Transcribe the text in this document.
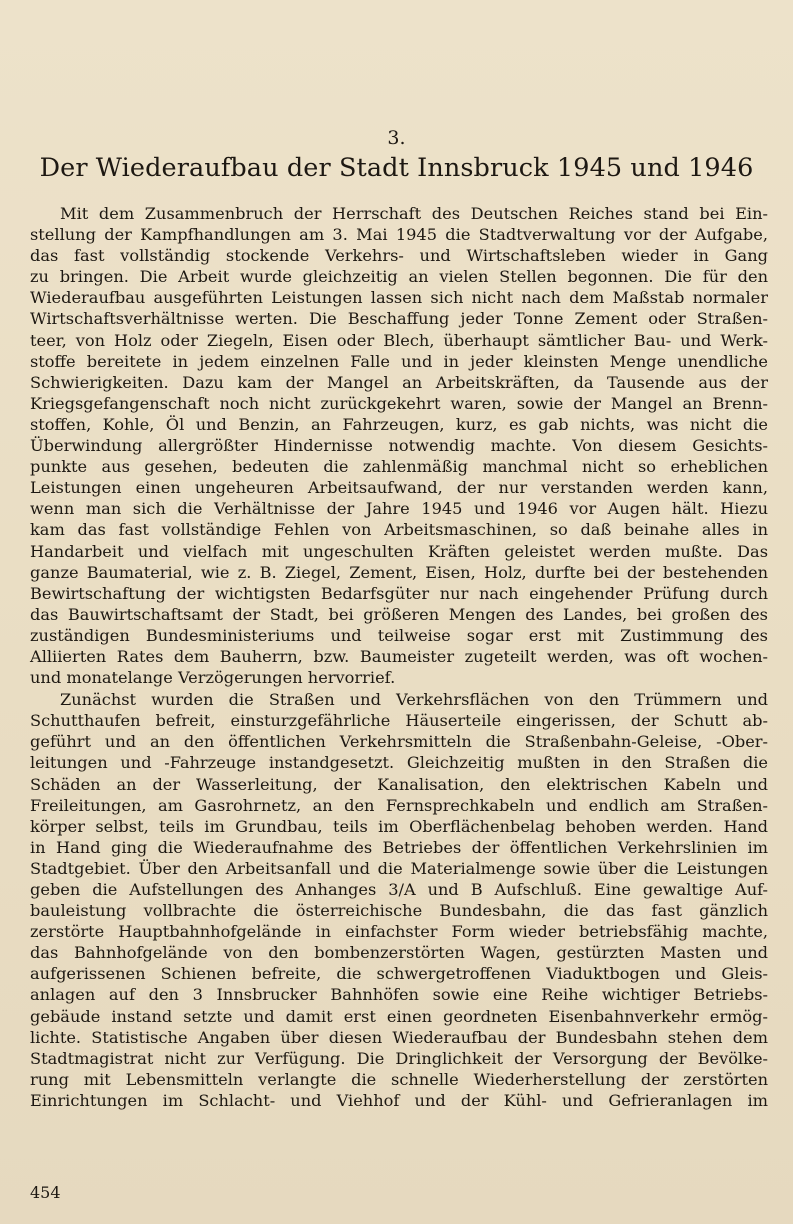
3.
Der Wiederaufbau der Stadt Innsbruck 1945 und 1946
Mit dem Zusammenbruch der Herrschaft des Deutschen Reiches stand bei Ein-
stellung der Kampfhandlungen am 3. Mai 1945 die Stadtverwaltung vor der Aufgabe,
das fast vollständig stockende Verkehrs- und Wirtschaftsleben wieder in Gang
zu bringen. Die Arbeit wurde gleichzeitig an vielen Stellen begonnen. Die für den
Wiederaufbau ausgeführten Leistungen lassen sich nicht nach dem Maßstab normaler
Wirtschaftsverhältnisse werten. Die Beschaffung jeder Tonne Zement oder Straßen-
teer, von Holz oder Ziegeln, Eisen oder Blech, überhaupt sämtlicher Bau- und Werk-
stoffe bereitete in jedem einzelnen Falle und in jeder kleinsten Menge unendliche
Schwierigkeiten. Dazu kam der Mangel an Arbeitskräften, da Tausende aus der
Kriegsgefangenschaft noch nicht zurückgekehrt waren, sowie der Mangel an Brenn-
stoffen, Kohle, Öl und Benzin, an Fahrzeugen, kurz, es gab nichts, was nicht die
Überwindung allergrößter Hindernisse notwendig machte. Von diesem Gesichts-
punkte aus gesehen, bedeuten die zahlenmäßig manchmal nicht so erheblichen
Leistungen einen ungeheuren Arbeitsaufwand, der nur verstanden werden kann,
wenn man sich die Verhältnisse der Jahre 1945 und 1946 vor Augen hält. Hiezu
kam das fast vollständige Fehlen von Arbeitsmaschinen, so daß beinahe alles in
Handarbeit und vielfach mit ungeschulten Kräften geleistet werden mußte. Das
ganze Baumaterial, wie z. B. Ziegel, Zement, Eisen, Holz, durfte bei der bestehenden
Bewirtschaftung der wichtigsten Bedarfsgüter nur nach eingehender Prüfung durch
das Bauwirtschaftsamt der Stadt, bei größeren Mengen des Landes, bei großen des
zuständigen Bundesministeriums und teilweise sogar erst mit Zustimmung des
Alliierten Rates dem Bauherrn, bzw. Baumeister zugeteilt werden, was oft wochen-
und monatelange Verzögerungen hervorrief.
Zunächst wurden die Straßen und Verkehrsflächen von den Trümmern und
Schutthaufen befreit, einsturzgefährliche Häuserteile eingerissen, der Schutt ab-
geführt und an den öffentlichen Verkehrsmitteln die Straßenbahn-Geleise, -Ober-
leitungen und -Fahrzeuge instandgesetzt. Gleichzeitig mußten in den Straßen die
Schäden an der Wasserleitung, der Kanalisation, den elektrischen Kabeln und
Freileitungen, am Gasrohrnetz, an den Fernsprechkabeln und endlich am Straßen-
körper selbst, teils im Grundbau, teils im Oberflächenbelag behoben werden. Hand
in Hand ging die Wiederaufnahme des Betriebes der öffentlichen Verkehrslinien im
Stadtgebiet. Über den Arbeitsanfall und die Materialmenge sowie über die Leistungen
geben die Aufstellungen des Anhanges 3/A und B Aufschluß. Eine gewaltige Auf-
bauleistung vollbrachte die österreichische Bundesbahn, die das fast gänzlich
zerstörte Hauptbahnhofgelände in einfachster Form wieder betriebsfähig machte,
das Bahnhofgelände von den bombenzerstörten Wagen, gestürzten Masten und
aufgerissenen Schienen befreite, die schwergetroffenen Viaduktbogen und Gleis-
anlagen auf den 3 Innsbrucker Bahnhöfen sowie eine Reihe wichtiger Betriebs-
gebäude instand setzte und damit erst einen geordneten Eisenbahnverkehr ermög-
lichte. Statistische Angaben über diesen Wiederaufbau der Bundesbahn stehen dem
Stadtmagistrat nicht zur Verfügung. Die Dringlichkeit der Versorgung der Bevölke-
rung mit Lebensmitteln verlangte die schnelle Wiederherstellung der zerstörten
Einrichtungen im Schlacht- und Viehhof und der Kühl- und Gefrieranlagen im
454
